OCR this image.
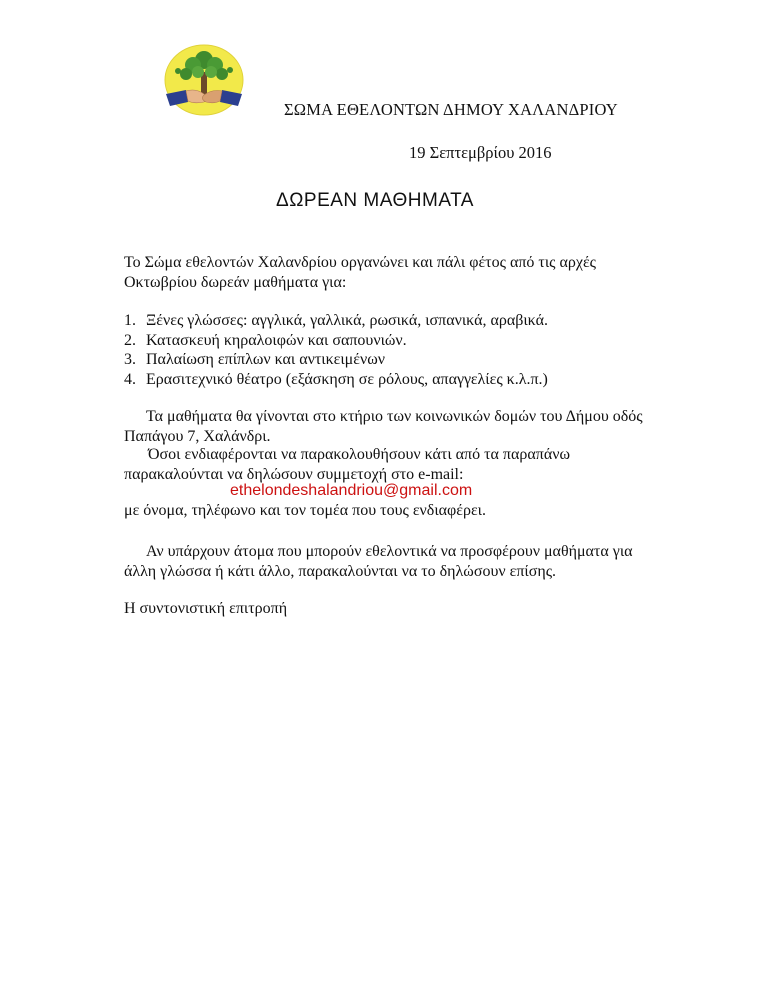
ΣΩΜΑ ΕΘΕΛΟΝΤΩΝ ΔΗΜΟΥ ΧΑΛΑΝΔΡΙΟΥ
19 Σεπτεμβρίου 2016
ΔΩΡΕΑΝ ΜΑΘΗΜΑΤΑ
Το Σώμα εθελοντών Χαλανδρίου οργανώνει και πάλι φέτος από τις αρχές
Οκτωβρίου δωρεάν μαθήματα για:
1. Ξένες γλώσσες: αγγλικά, γαλλικά, ρωσικά, ισπανικά, αραβικά.
2. Κατασκευή κηραλοιφών και σαπουνιών.
3. Παλαίωση επίπλων και αντικειμένων
4. Ερασιτεχνικό θέατρο (εξάσκηση σε ρόλους, απαγγελίες κ.λ.π.)
Τα μαθήματα θα γίνονται στο κτήριο των κοινωνικών δομών του Δήμου οδός
Παπάγου 7, Χαλάνδρι.
Όσοι ενδιαφέρονται να παρακολουθήσουν κάτι από τα παραπάνω
παρακαλούνται να δηλώσουν συμμετοχή στο e-mail:
ethelondeshalandriou@gmail.com
με όνομα, τηλέφωνο και τον τομέα που τους ενδιαφέρει.
Αν υπάρχουν άτομα που μπορούν εθελοντικά να προσφέρουν μαθήματα για
άλλη γλώσσα ή κάτι άλλο, παρακαλούνται να το δηλώσουν επίσης.
Η συντονιστική επιτροπή
